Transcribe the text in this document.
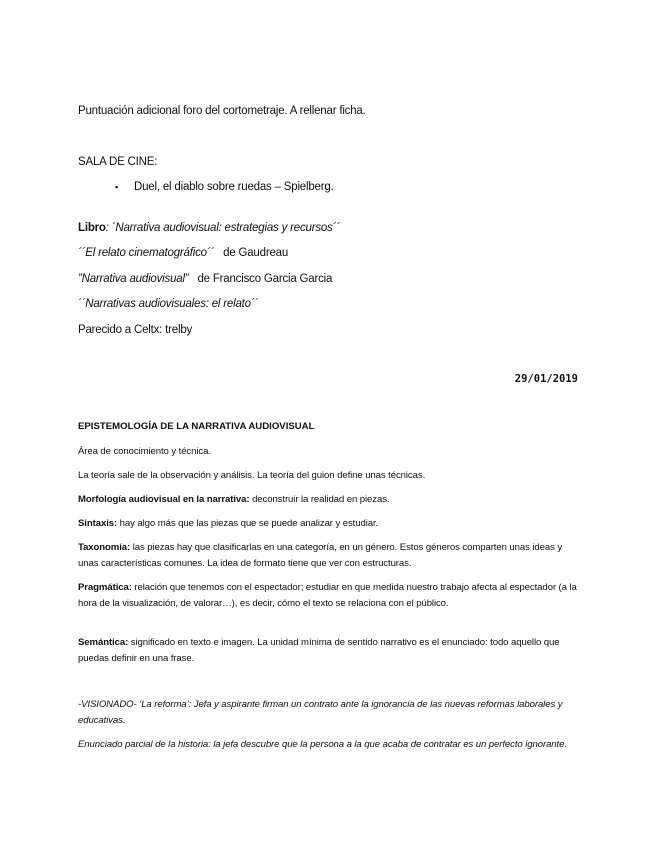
Puntuación adicional foro del cortometraje. A rellenar ficha.
SALA DE CINE:
▪ Duel, el diablo sobre ruedas – Spielberg.
Libro: ´Narrativa audiovisual: estrategias y recursos´´
´´El relato cinematográfico´´ de Gaudreau
”Narrativa audiovisual” de Francisco Garcia Garcia
´´Narrativas audiovisuales: el relato´´
Parecido a Celtx: trelby
29/01/2019
EPISTEMOLOGÍA DE LA NARRATIVA AUDIOVISUAL
Área de conocimiento y técnica.
La teoría sale de la observación y análisis. La teoría del guion define unas técnicas.
Morfología audiovisual en la narrativa: deconstruir la realidad en piezas.
Sintaxis: hay algo más que las piezas que se puede analizar y estudiar.
Taxonomía: las piezas hay que clasificarlas en una categoría, en un género. Estos géneros comparten unas ideas y unas características comunes. La idea de formato tiene que ver con estructuras.
Pragmática: relación que tenemos con el espectador; estudiar en que medida nuestro trabajo afecta al espectador (a la hora de la visualización, de valorar…), es decir, cómo el texto se relaciona con el público.
Semántica: significado en texto e imagen. La unidad mínima de sentido narrativo es el enunciado: todo aquello que puedas definir en una frase.
-VISIONADO- ‘La reforma’: Jefa y aspirante firman un contrato ante la ignorancia de las nuevas reformas laborales y educativas.
Enunciado parcial de la historia: la jefa descubre que la persona a la que acaba de contratar es un perfecto ignorante.
